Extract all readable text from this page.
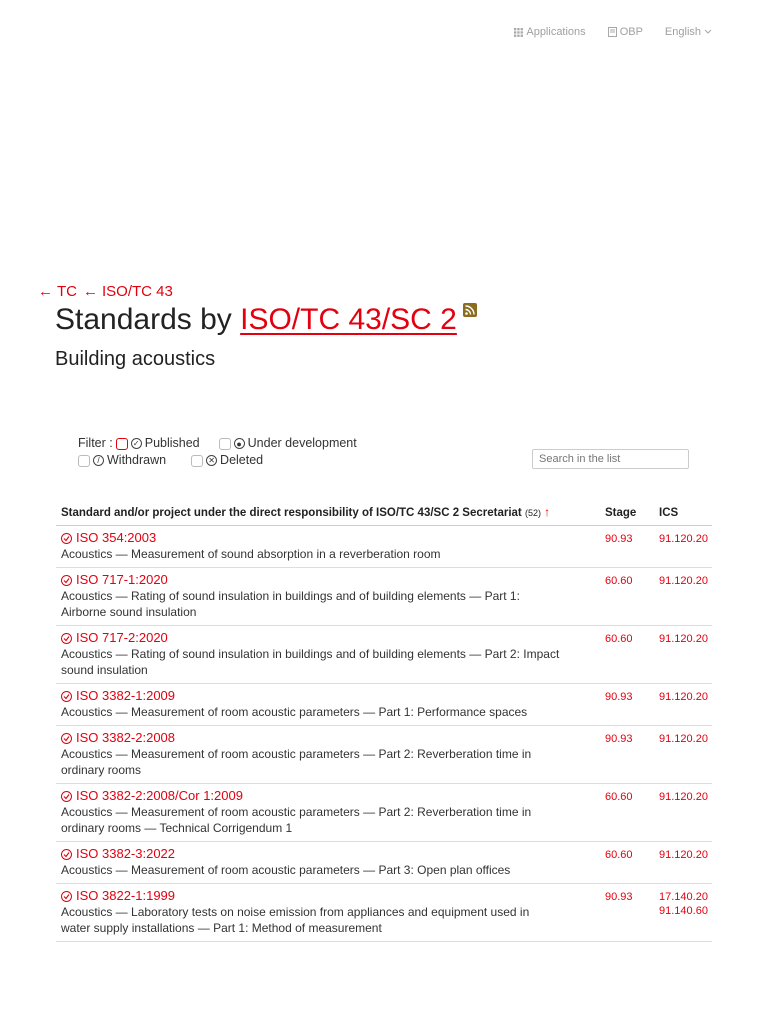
Applications	OBP English
← TC ← ISO/TC 43
Standards by ISO/TC 43/SC 2
Building acoustics
Filter :	✓ Published	● Under development
/ Withdrawn	✕ Deleted
Search in the list
Standard and/or project under the direct responsibility of ISO/TC 43/SC 2 Secretariat (52) ↑	Stage	ICS

ISO 354:2003
Acoustics — Measurement of sound absorption in a reverberation room	90.93	91.120.20

ISO 717-1:2020
Acoustics — Rating of sound insulation in buildings and of building elements — Part 1: Airborne sound insulation	60.60	91.120.20

ISO 717-2:2020
Acoustics — Rating of sound insulation in buildings and of building elements — Part 2: Impact sound insulation	60.60	91.120.20

ISO 3382-1:2009
Acoustics — Measurement of room acoustic parameters — Part 1: Performance spaces	90.93	91.120.20

ISO 3382-2:2008
Acoustics — Measurement of room acoustic parameters — Part 2: Reverberation time in ordinary rooms	90.93	91.120.20

ISO 3382-2:2008/Cor 1:2009
Acoustics — Measurement of room acoustic parameters — Part 2: Reverberation time in ordinary rooms — Technical Corrigendum 1	60.60	91.120.20

ISO 3382-3:2022
Acoustics — Measurement of room acoustic parameters — Part 3: Open plan offices	60.60	91.120.20

ISO 3822-1:1999
Acoustics — Laboratory tests on noise emission from appliances and equipment used in water supply installations — Part 1: Method of measurement	90.93	17.140.20
91.140.60
